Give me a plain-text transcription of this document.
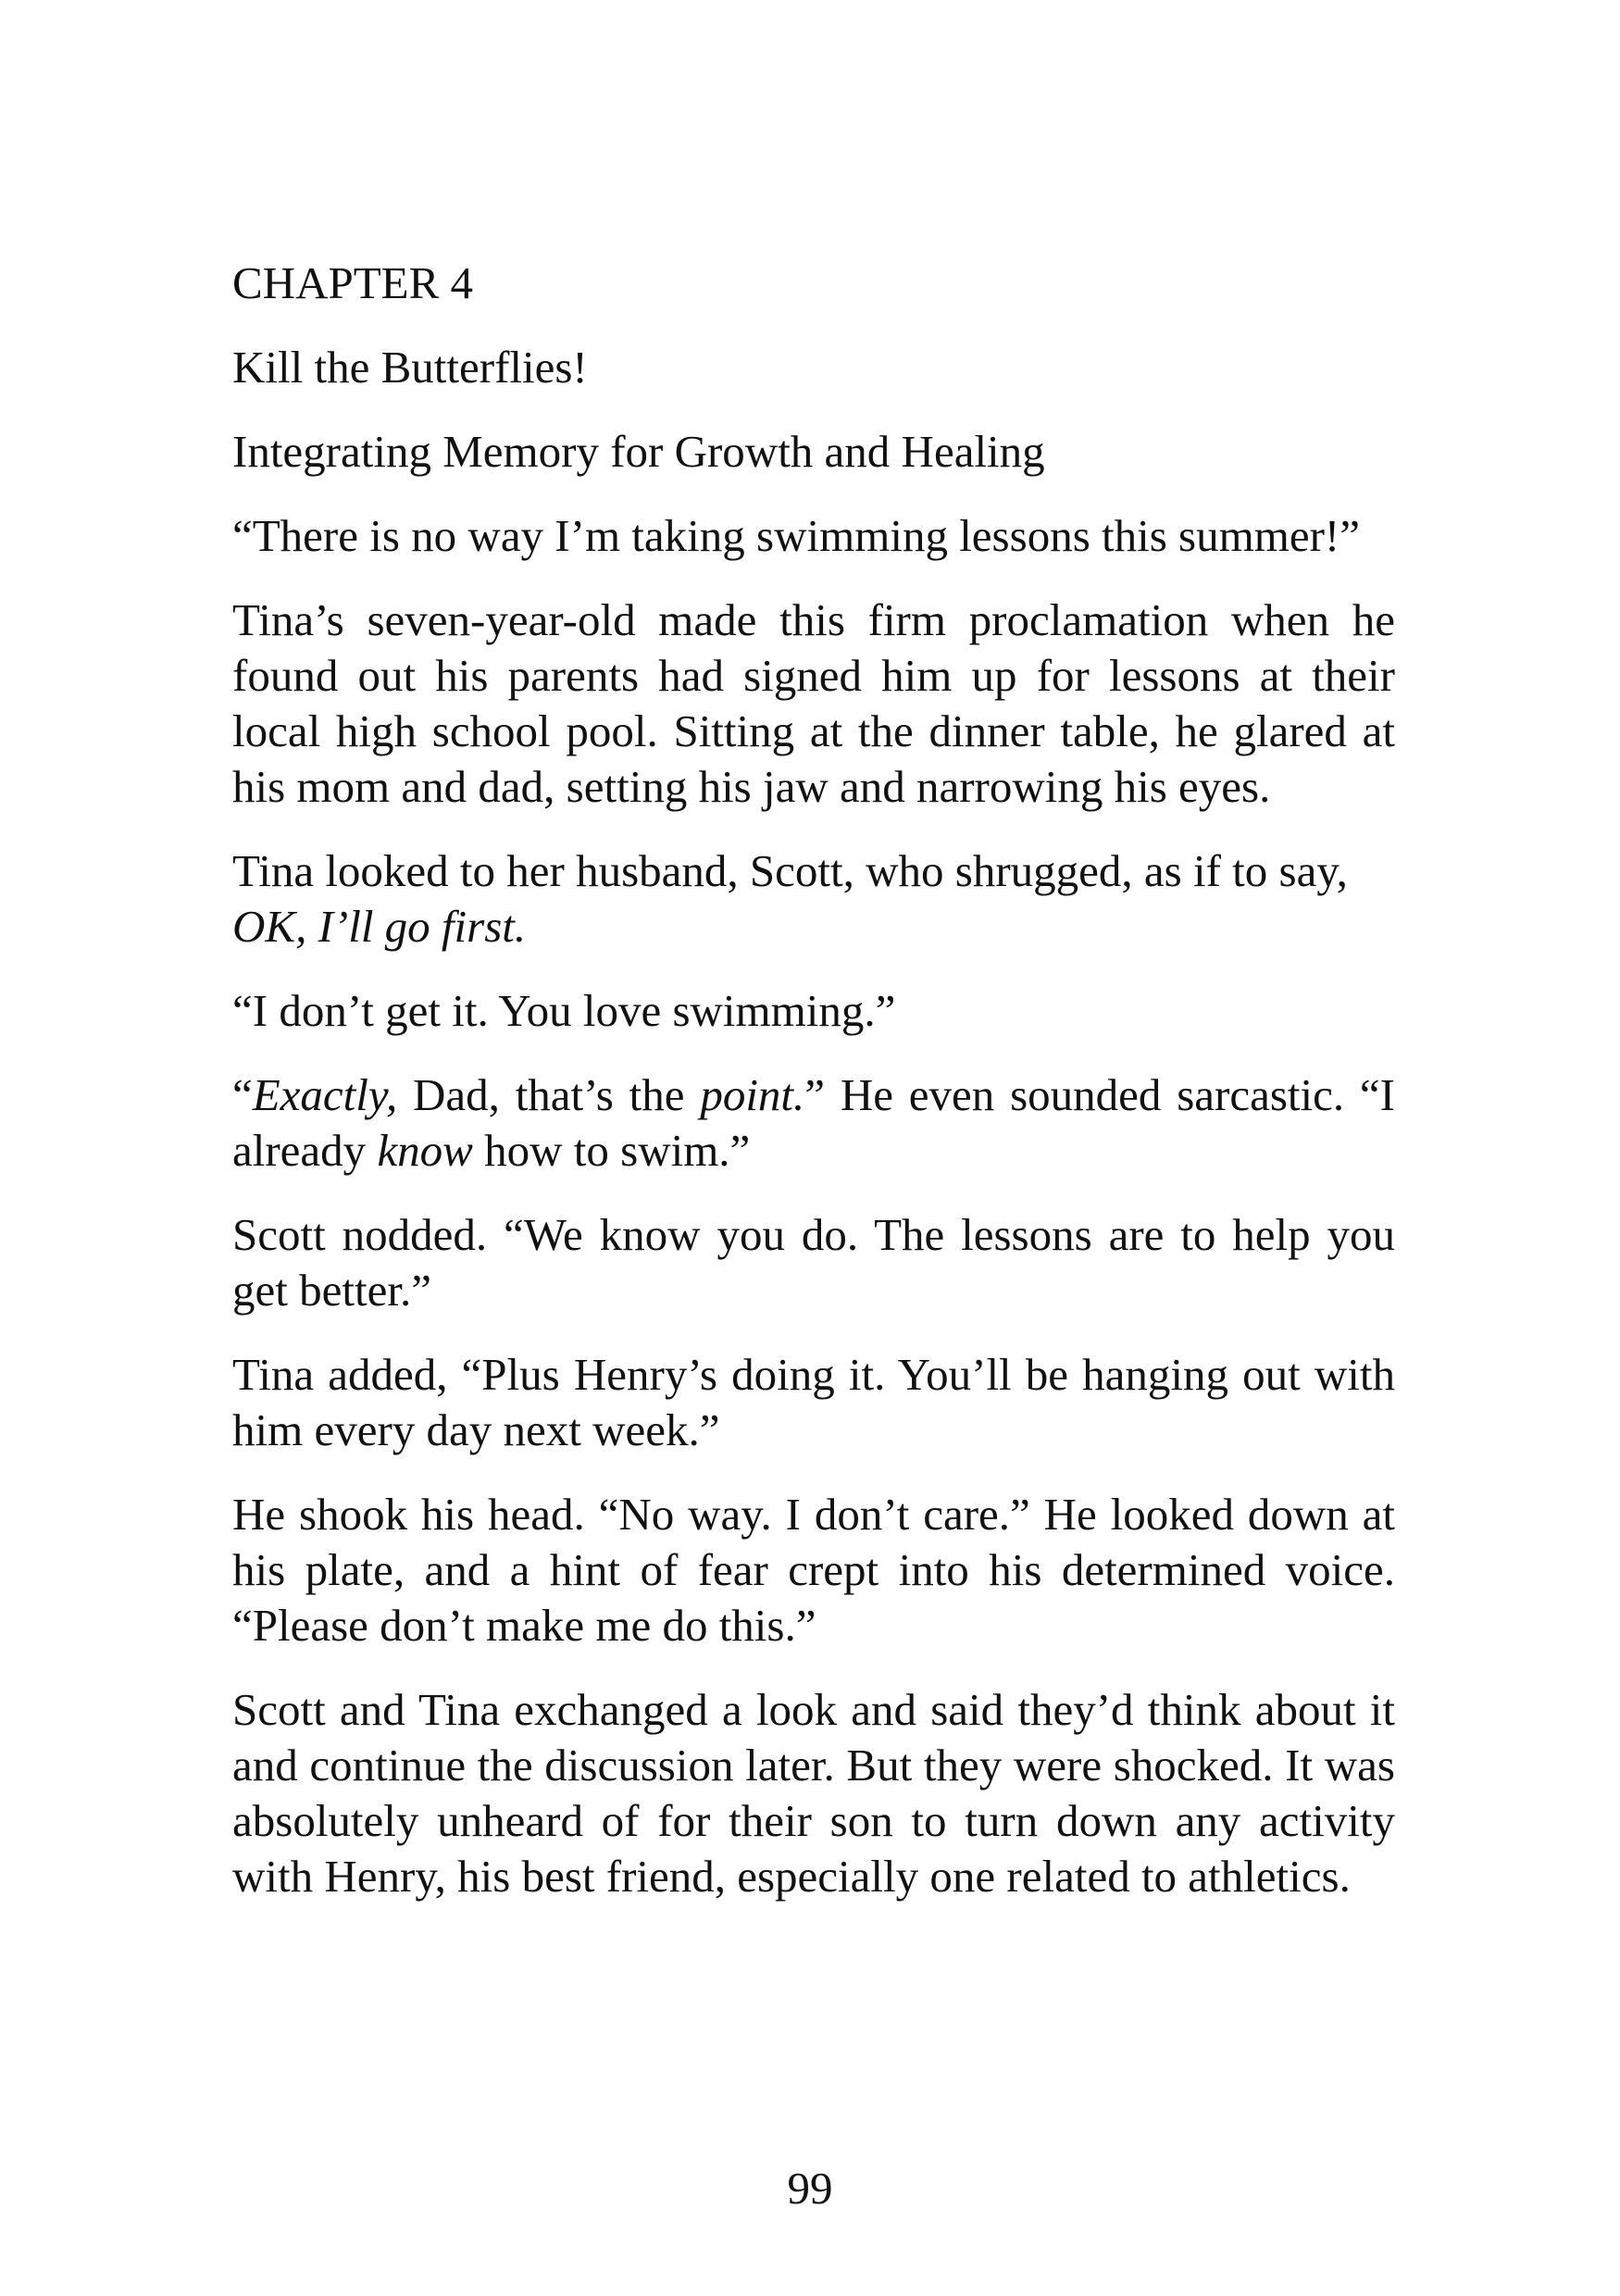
CHAPTER 4

Kill the Butterflies!

Integrating Memory for Growth and Healing

“There is no way I’m taking swimming lessons this summer!”

Tina’s seven-year-old made this firm proclamation when he found out his parents had signed him up for lessons at their local high school pool. Sitting at the dinner table, he glared at his mom and dad, setting his jaw and narrowing his eyes.

Tina looked to her husband, Scott, who shrugged, as if to say,
OK, I’ll go first.

“I don’t get it. You love swimming.”

“Exactly, Dad, that’s the point.” He even sounded sarcastic. “I already know how to swim.”

Scott nodded. “We know you do. The lessons are to help you get better.”

Tina added, “Plus Henry’s doing it. You’ll be hanging out with him every day next week.”

He shook his head. “No way. I don’t care.” He looked down at his plate, and a hint of fear crept into his determined voice. “Please don’t make me do this.”

Scott and Tina exchanged a look and said they’d think about it and continue the discussion later. But they were shocked. It was absolutely unheard of for their son to turn down any activity with Henry, his best friend, especially one related to athletics.

99
